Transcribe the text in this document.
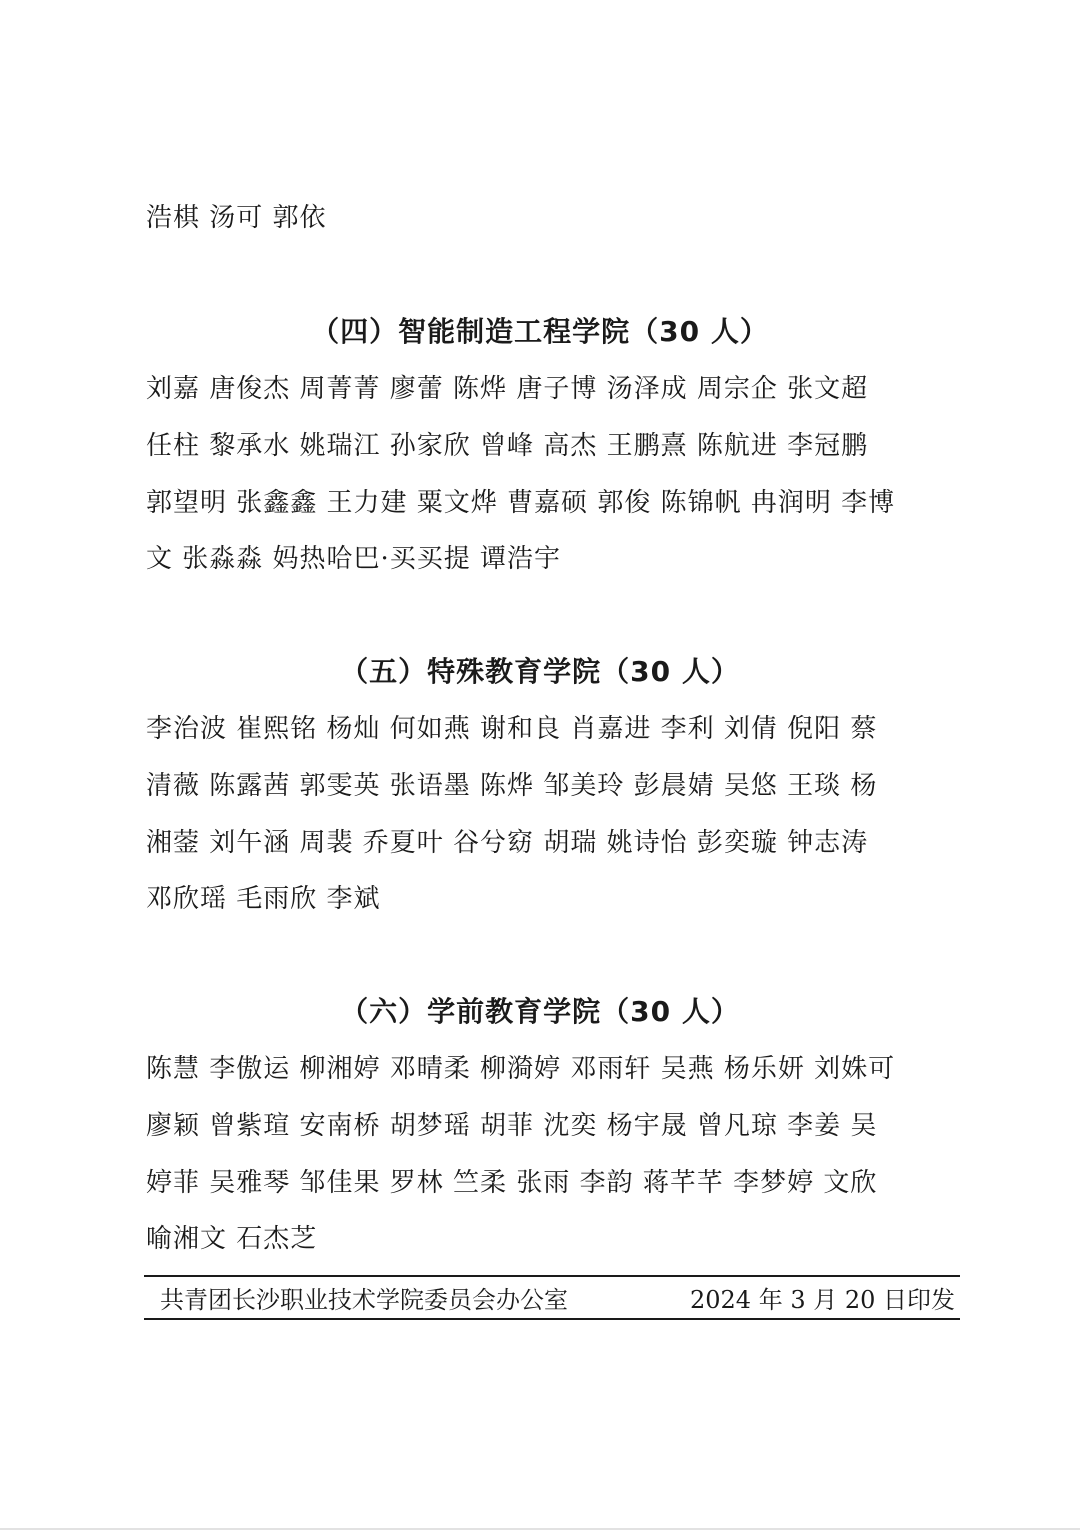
浩棋 汤可 郭依
（四）智能制造工程学院（30 人）
刘嘉 唐俊杰 周菁菁 廖蕾 陈烨 唐子博 汤泽成 周宗企 张文超
任柱 黎承水 姚瑞江 孙家欣 曾峰 高杰 王鹏熹 陈航进 李冠鹏
郭望明 张鑫鑫 王力建 粟文烨 曹嘉硕 郭俊 陈锦帆 冉润明 李博
文 张淼淼 妈热哈巴·买买提 谭浩宇
（五）特殊教育学院（30 人）
李治波 崔熙铭 杨灿 何如燕 谢和良 肖嘉进 李利 刘倩 倪阳 蔡
清薇 陈露茜 郭雯英 张语墨 陈烨 邹美玲 彭晨婧 吴悠 王琰 杨
湘蓥 刘午涵 周裴 乔夏叶 谷兮窈 胡瑞 姚诗怡 彭奕璇 钟志涛
邓欣瑶 毛雨欣 李斌
（六）学前教育学院（30 人）
陈慧 李傲运 柳湘婷 邓晴柔 柳漪婷 邓雨轩 吴燕 杨乐妍 刘姝可
廖颖 曾紫瑄 安南桥 胡梦瑶 胡菲 沈奕 杨宇晟 曾凡琼 李姜 吴
婷菲 吴雅琴 邹佳果 罗林 竺柔 张雨 李韵 蒋芊芊 李梦婷 文欣
喻湘文 石杰芝
共青团长沙职业技术学院委员会办公室	2024 年 3 月 20 日印发
